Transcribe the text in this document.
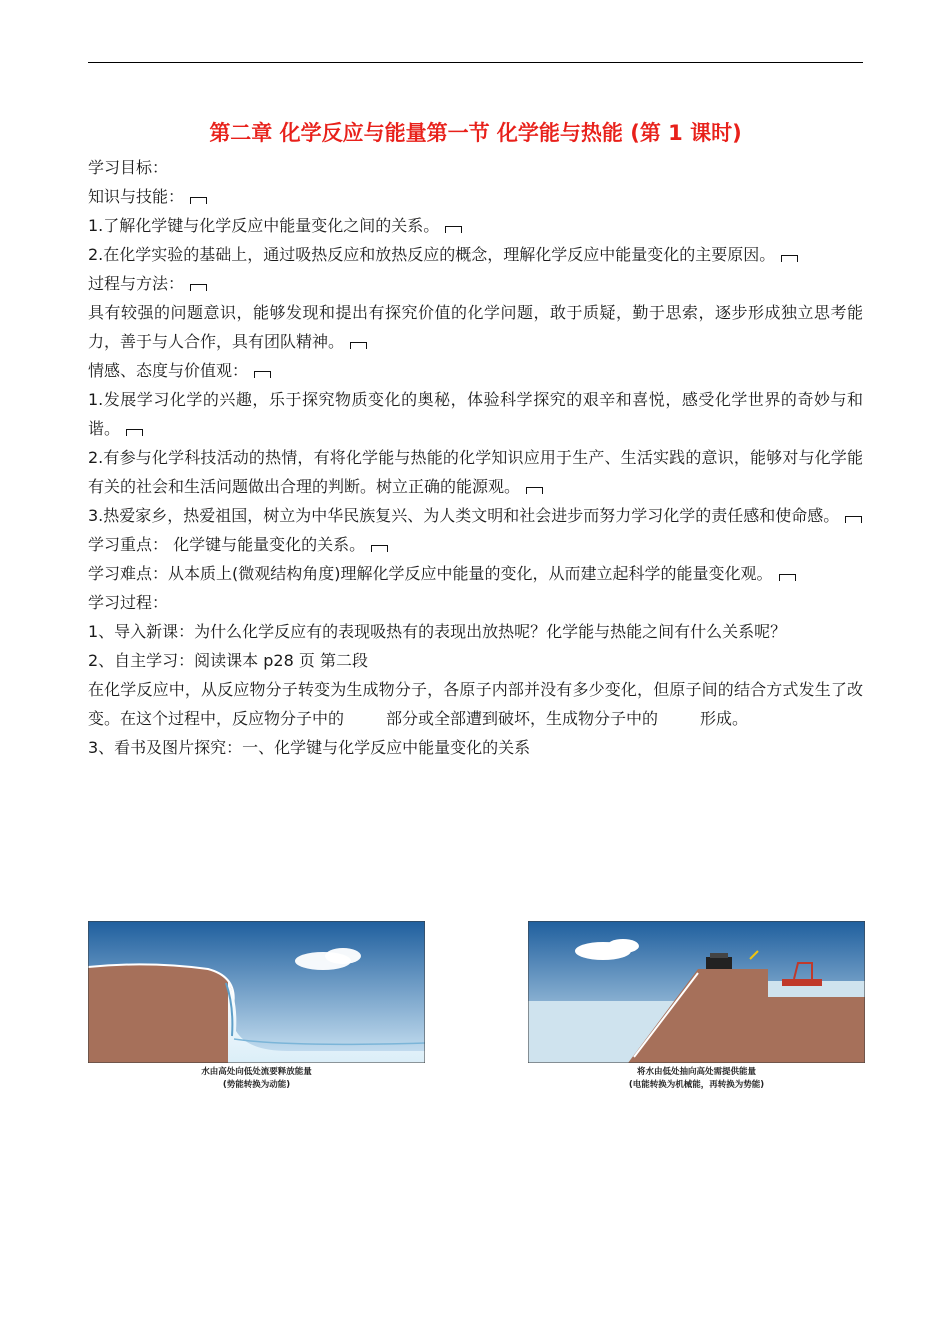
第二章 化学反应与能量第一节 化学能与热能 (第 1 课时)

学习目标：

知识与技能：

1.了解化学键与化学反应中能量变化之间的关系。

2.在化学实验的基础上，通过吸热反应和放热反应的概念，理解化学反应中能量变化的主要原因。

过程与方法：

具有较强的问题意识，能够发现和提出有探究价值的化学问题，敢于质疑，勤于思索，逐步形成独立思考能力，善于与人合作，具有团队精神。

情感、态度与价值观：

1.发展学习化学的兴趣，乐于探究物质变化的奥秘，体验科学探究的艰辛和喜悦，感受化学世界的奇妙与和谐。

2.有参与化学科技活动的热情，有将化学能与热能的化学知识应用于生产、生活实践的意识，能够对与化学能有关的社会和生活问题做出合理的判断。树立正确的能源观。

3.热爱家乡，热爱祖国，树立为中华民族复兴、为人类文明和社会进步而努力学习化学的责任感和使命感。

学习重点： 化学键与能量变化的关系。

学习难点：从本质上(微观结构角度)理解化学反应中能量的变化，从而建立起科学的能量变化观。

学习过程：

1、导入新课：为什么化学反应有的表现吸热有的表现出放热呢？化学能与热能之间有什么关系呢？

2、自主学习：阅读课本 p28 页 第二段

在化学反应中，从反应物分子转变为生成物分子，各原子内部并没有多少变化，但原子间的结合方式发生了改变。在这个过程中，反应物分子中的	部分或全部遭到破坏，生成物分子中的	形成。

3、看书及图片探究：一、化学键与化学反应中能量变化的关系

水由高处向低处流要释放能量
(势能转换为动能)
将水由低处抽向高处需提供能量
(电能转换为机械能，再转换为势能)
